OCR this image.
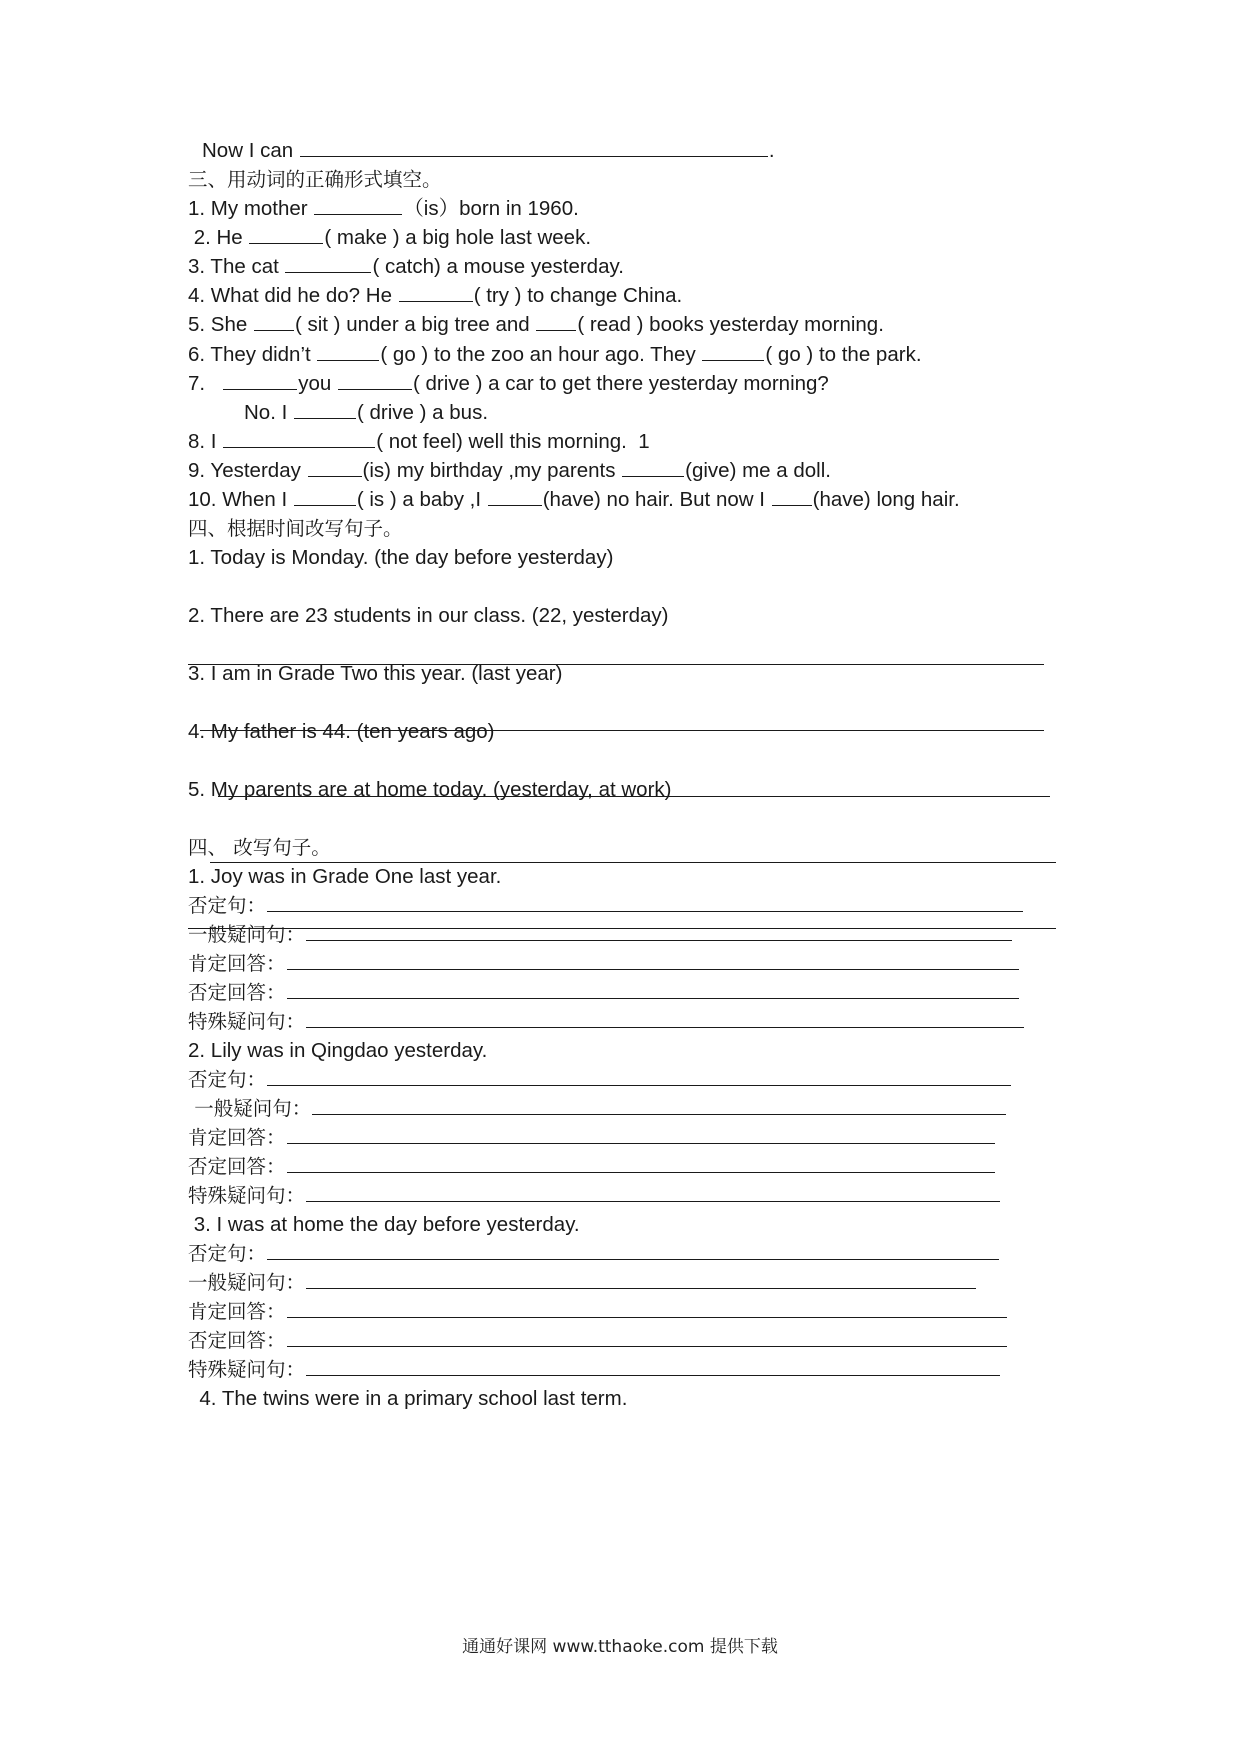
Now I can	.
三、用动词的正确形式填空。
1. My mother	（is）born in 1960.
2. He	( make ) a big hole last week.
3. The cat	( catch) a mouse yesterday.
4. What did he do? He	( try ) to change China.
5. She ( sit ) under a big tree and ( read ) books yesterday morning.
6. They didn’t	( go ) to the zoo an hour ago. They	( go ) to the park.
7.	you	( drive ) a car to get there yesterday morning?
No. I	( drive ) a bus.
8. I	( not feel) well this morning.  1
9. Yesterday	(is) my birthday ,my parents	(give) me a doll.
10. When I	( is ) a baby ,I	(have) no hair. But now I (have) long hair.
四、根据时间改写句子。
1. Today is Monday. (the day before yesterday)
2. There are 23 students in our class. (22, yesterday)
3. I am in Grade Two this year. (last year)
4. My father is 44. (ten years ago)
5. My parents are at home today. (yesterday, at work)
四、 改写句子。
1. Joy was in Grade One last year.
否定句：
一般疑问句：
肯定回答：
否定回答：
特殊疑问句：
2. Lily was in Qingdao yesterday.
否定句：
一般疑问句：
肯定回答：
否定回答：
特殊疑问句：
3. I was at home the day before yesterday.
否定句：
一般疑问句：
肯定回答：
否定回答：
特殊疑问句：
4. The twins were in a primary school last term.
通通好课网 www.tthaoke.com 提供下载
